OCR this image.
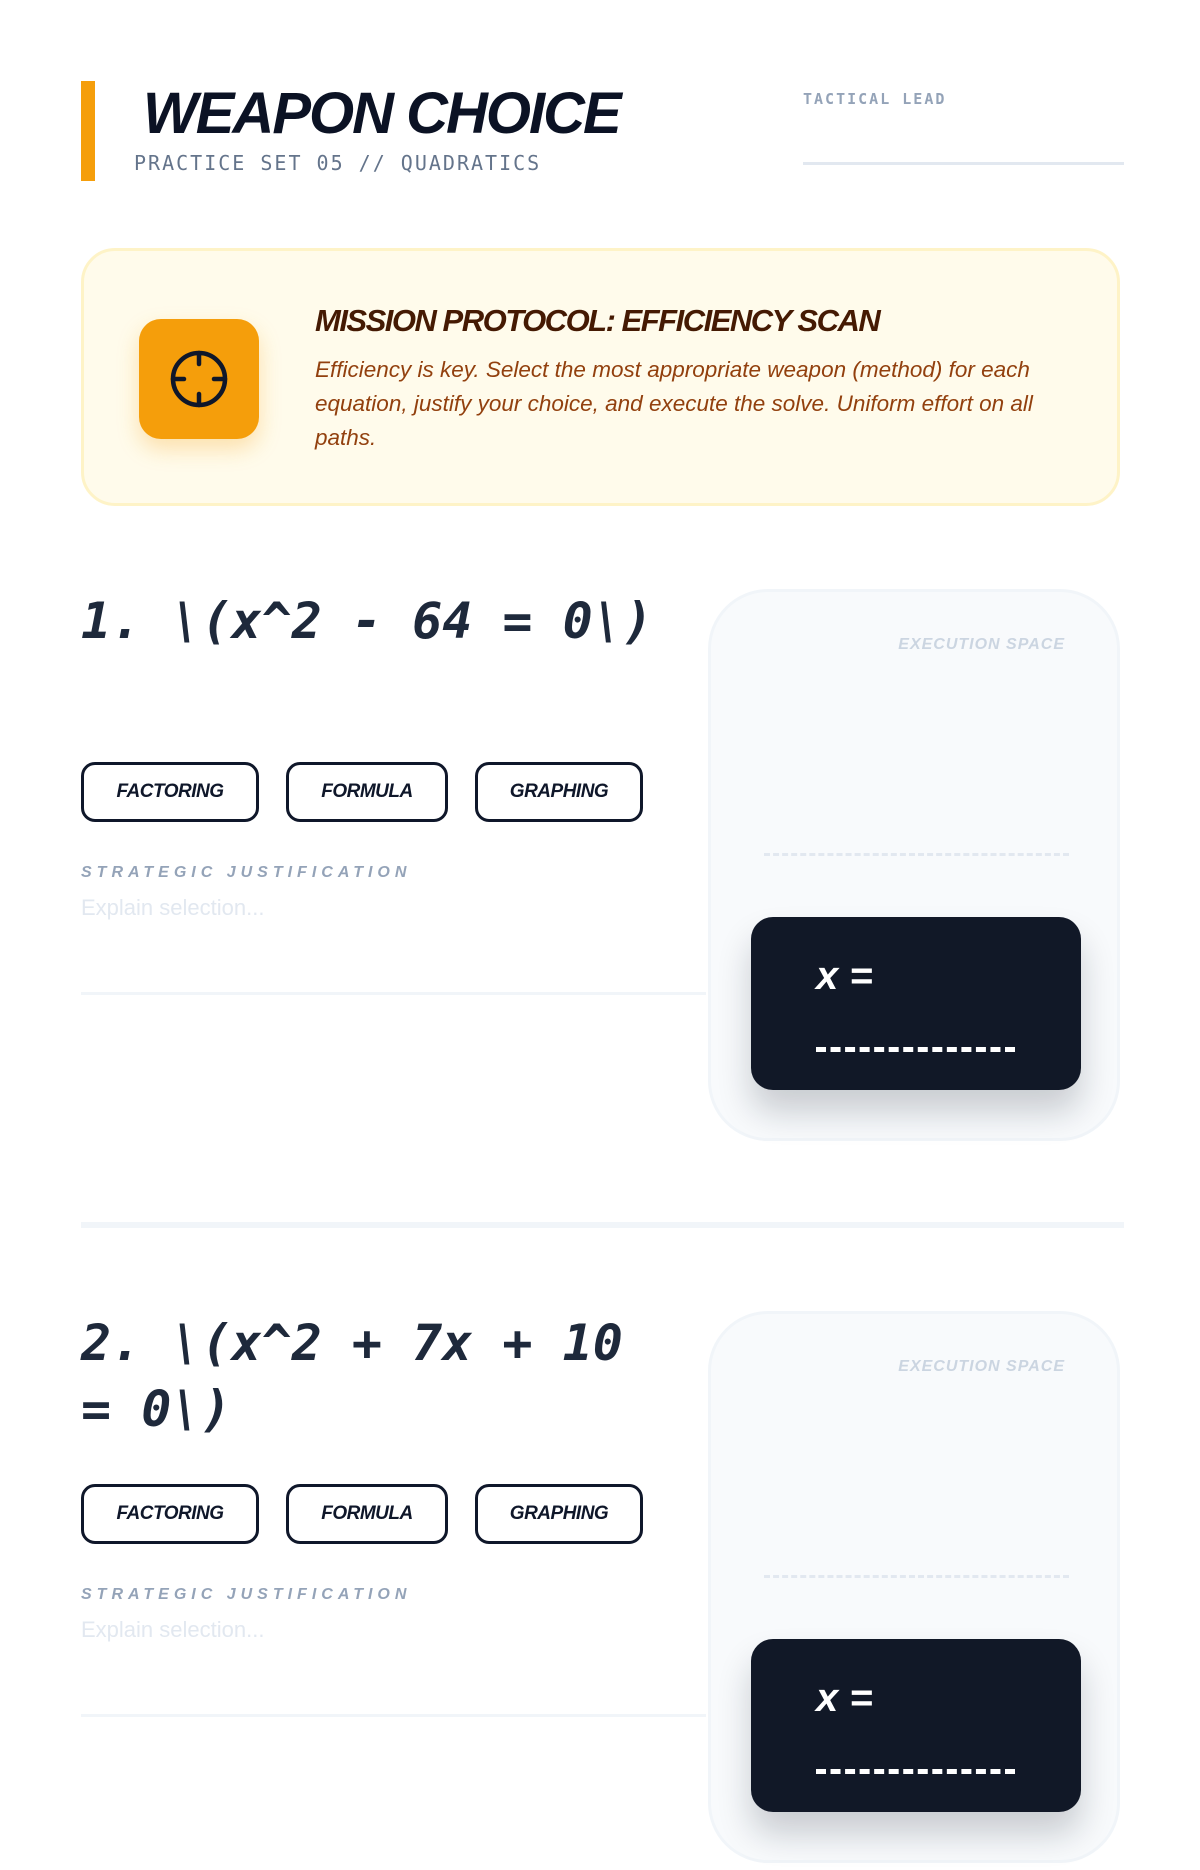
WEAPON CHOICE
PRACTICE SET 05 // QUADRATICS
TACTICAL LEAD
MISSION PROTOCOL: EFFICIENCY SCAN
Efficiency is key. Select the most appropriate weapon (method) for each equation, justify your choice, and execute the solve. Uniform effort on all paths.
1. \(x^2 - 64 = 0\)
FACTORING	FORMULA	GRAPHING
STRATEGIC JUSTIFICATION
Explain selection...
EXECUTION SPACE
x =
2. \(x^2 + 7x + 10 = 0\)
FACTORING	FORMULA	GRAPHING
STRATEGIC JUSTIFICATION
Explain selection...
EXECUTION SPACE
x =
